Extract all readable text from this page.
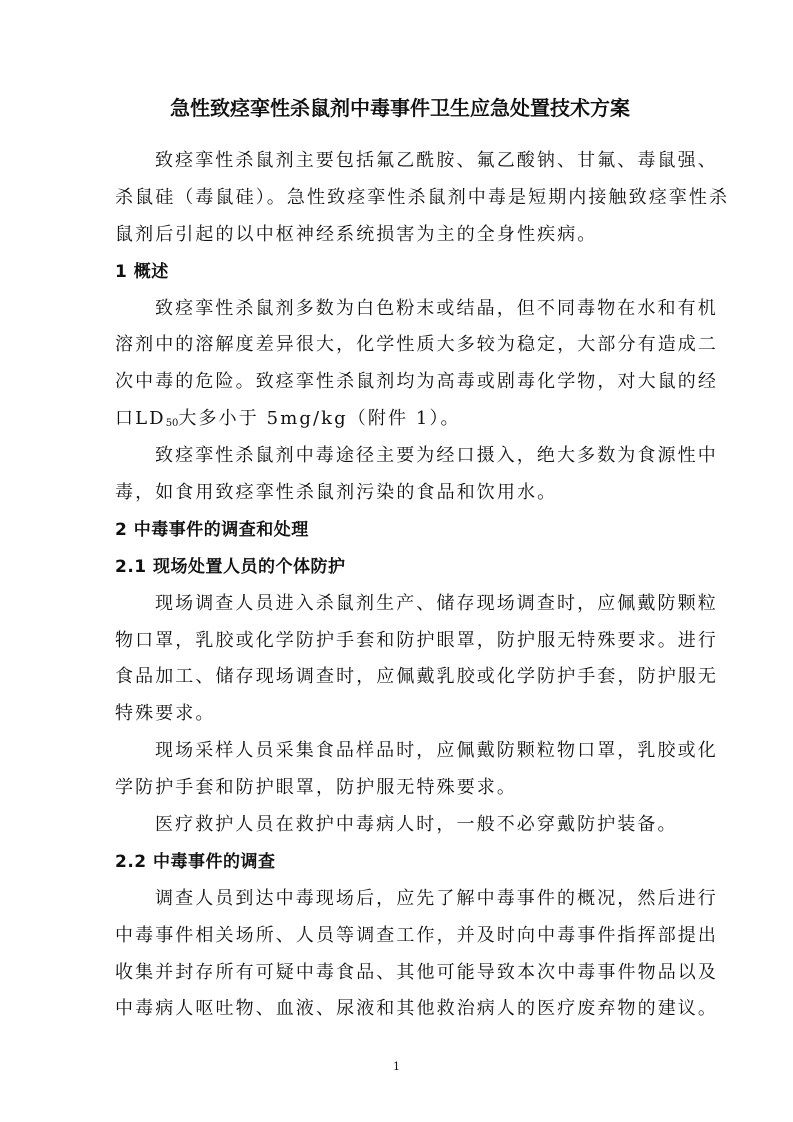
急性致痉挛性杀鼠剂中毒事件卫生应急处置技术方案
致痉挛性杀鼠剂主要包括氟乙酰胺、氟乙酸钠、甘氟、毒鼠强、
杀鼠硅（毒鼠硅）。急性致痉挛性杀鼠剂中毒是短期内接触致痉挛性杀
鼠剂后引起的以中枢神经系统损害为主的全身性疾病。
1 概述
致痉挛性杀鼠剂多数为白色粉末或结晶，但不同毒物在水和有机
溶剂中的溶解度差异很大，化学性质大多较为稳定，大部分有造成二
次中毒的危险。致痉挛性杀鼠剂均为高毒或剧毒化学物，对大鼠的经
口$LD_{50}$大多小于 5mg/kg（附件 1）。
致痉挛性杀鼠剂中毒途径主要为经口摄入，绝大多数为食源性中
毒，如食用致痉挛性杀鼠剂污染的食品和饮用水。
2 中毒事件的调查和处理
2.1 现场处置人员的个体防护
现场调查人员进入杀鼠剂生产、储存现场调查时，应佩戴防颗粒
物口罩，乳胶或化学防护手套和防护眼罩，防护服无特殊要求。进行
食品加工、储存现场调查时，应佩戴乳胶或化学防护手套，防护服无
特殊要求。
现场采样人员采集食品样品时，应佩戴防颗粒物口罩，乳胶或化
学防护手套和防护眼罩，防护服无特殊要求。
医疗救护人员在救护中毒病人时，一般不必穿戴防护装备。
2.2 中毒事件的调查
调查人员到达中毒现场后，应先了解中毒事件的概况，然后进行
中毒事件相关场所、人员等调查工作，并及时向中毒事件指挥部提出
收集并封存所有可疑中毒食品、其他可能导致本次中毒事件物品以及
中毒病人呕吐物、血液、尿液和其他救治病人的医疗废弃物的建议。
1
